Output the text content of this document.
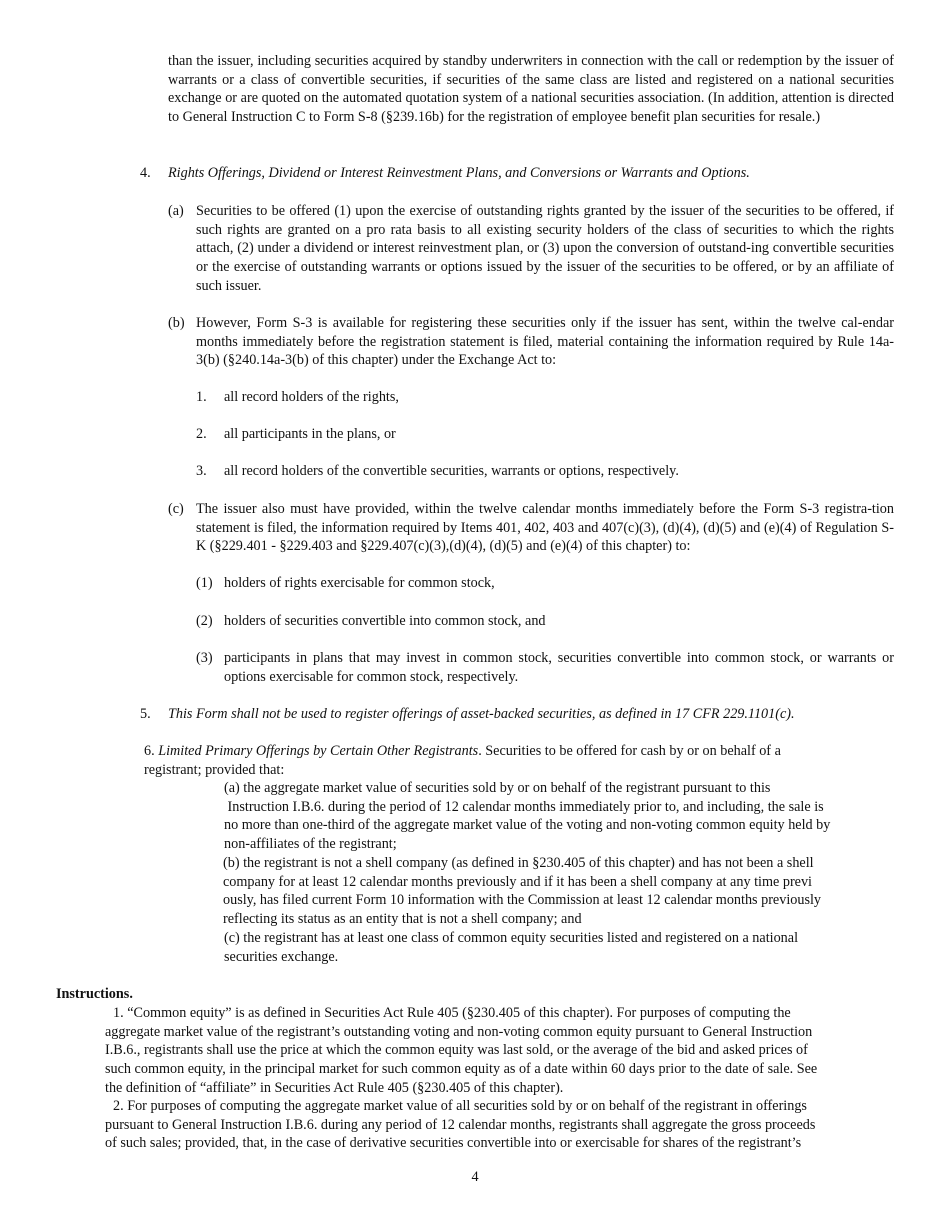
than the issuer, including securities acquired by standby underwriters in connection with the call or redemption by the issuer of warrants or a class of convertible securities, if securities of the same class are listed and registered on a national securities exchange or are quoted on the automated quotation system of a national securities association. (In addition, attention is directed to General Instruction C to Form S-8 (§239.16b) for the registration of employee benefit plan securities for resale.)
4. Rights Offerings, Dividend or Interest Reinvestment Plans, and Conversions or Warrants and Options.
(a) Securities to be offered (1) upon the exercise of outstanding rights granted by the issuer of the securities to be offered, if such rights are granted on a pro rata basis to all existing security holders of the class of securities to which the rights attach, (2) under a dividend or interest reinvestment plan, or (3) upon the conversion of outstand-ing convertible securities or the exercise of outstanding warrants or options issued by the issuer of the securities to be offered, or by an affiliate of such issuer.
(b) However, Form S-3 is available for registering these securities only if the issuer has sent, within the twelve cal-endar months immediately before the registration statement is filed, material containing the information required by Rule 14a-3(b) (§240.14a-3(b) of this chapter) under the Exchange Act to:
1. all record holders of the rights,
2. all participants in the plans, or
3. all record holders of the convertible securities, warrants or options, respectively.
(c) The issuer also must have provided, within the twelve calendar months immediately before the Form S-3 registra-tion statement is filed, the information required by Items 401, 402, 403 and 407(c)(3), (d)(4), (d)(5) and (e)(4) of Regulation S-K (§229.401 - §229.403 and §229.407(c)(3),(d)(4), (d)(5) and (e)(4) of this chapter) to:
(1) holders of rights exercisable for common stock,
(2) holders of securities convertible into common stock, and
(3) participants in plans that may invest in common stock, securities convertible into common stock, or warrants or options exercisable for common stock, respectively.
5. This Form shall not be used to register offerings of asset-backed securities, as defined in 17 CFR 229.1101(c).
6. Limited Primary Offerings by Certain Other Registrants. Securities to be offered for cash by or on behalf of a
registrant; provided that:
(a) the aggregate market value of securities sold by or on behalf of the registrant pursuant to this
Instruction I.B.6. during the period of 12 calendar months immediately prior to, and including, the sale is
no more than one-third of the aggregate market value of the voting and non-voting common equity held by
non-affiliates of the registrant;
(b) the registrant is not a shell company (as defined in §230.405 of this chapter) and has not been a shell
company for at least 12 calendar months previously and if it has been a shell company at any time previ
ously, has filed current Form 10 information with the Commission at least 12 calendar months previously
reflecting its status as an entity that is not a shell company; and
(c) the registrant has at least one class of common equity securities listed and registered on a national
securities exchange.
Instructions.
1. “Common equity” is as defined in Securities Act Rule 405 (§230.405 of this chapter). For purposes of computing the
aggregate market value of the registrant’s outstanding voting and non-voting common equity pursuant to General Instruction
I.B.6., registrants shall use the price at which the common equity was last sold, or the average of the bid and asked prices of
such common equity, in the principal market for such common equity as of a date within 60 days prior to the date of sale. See
the definition of “affiliate” in Securities Act Rule 405 (§230.405 of this chapter).
2. For purposes of computing the aggregate market value of all securities sold by or on behalf of the registrant in offerings
pursuant to General Instruction I.B.6. during any period of 12 calendar months, registrants shall aggregate the gross proceeds
of such sales; provided, that, in the case of derivative securities convertible into or exercisable for shares of the registrant’s
4
